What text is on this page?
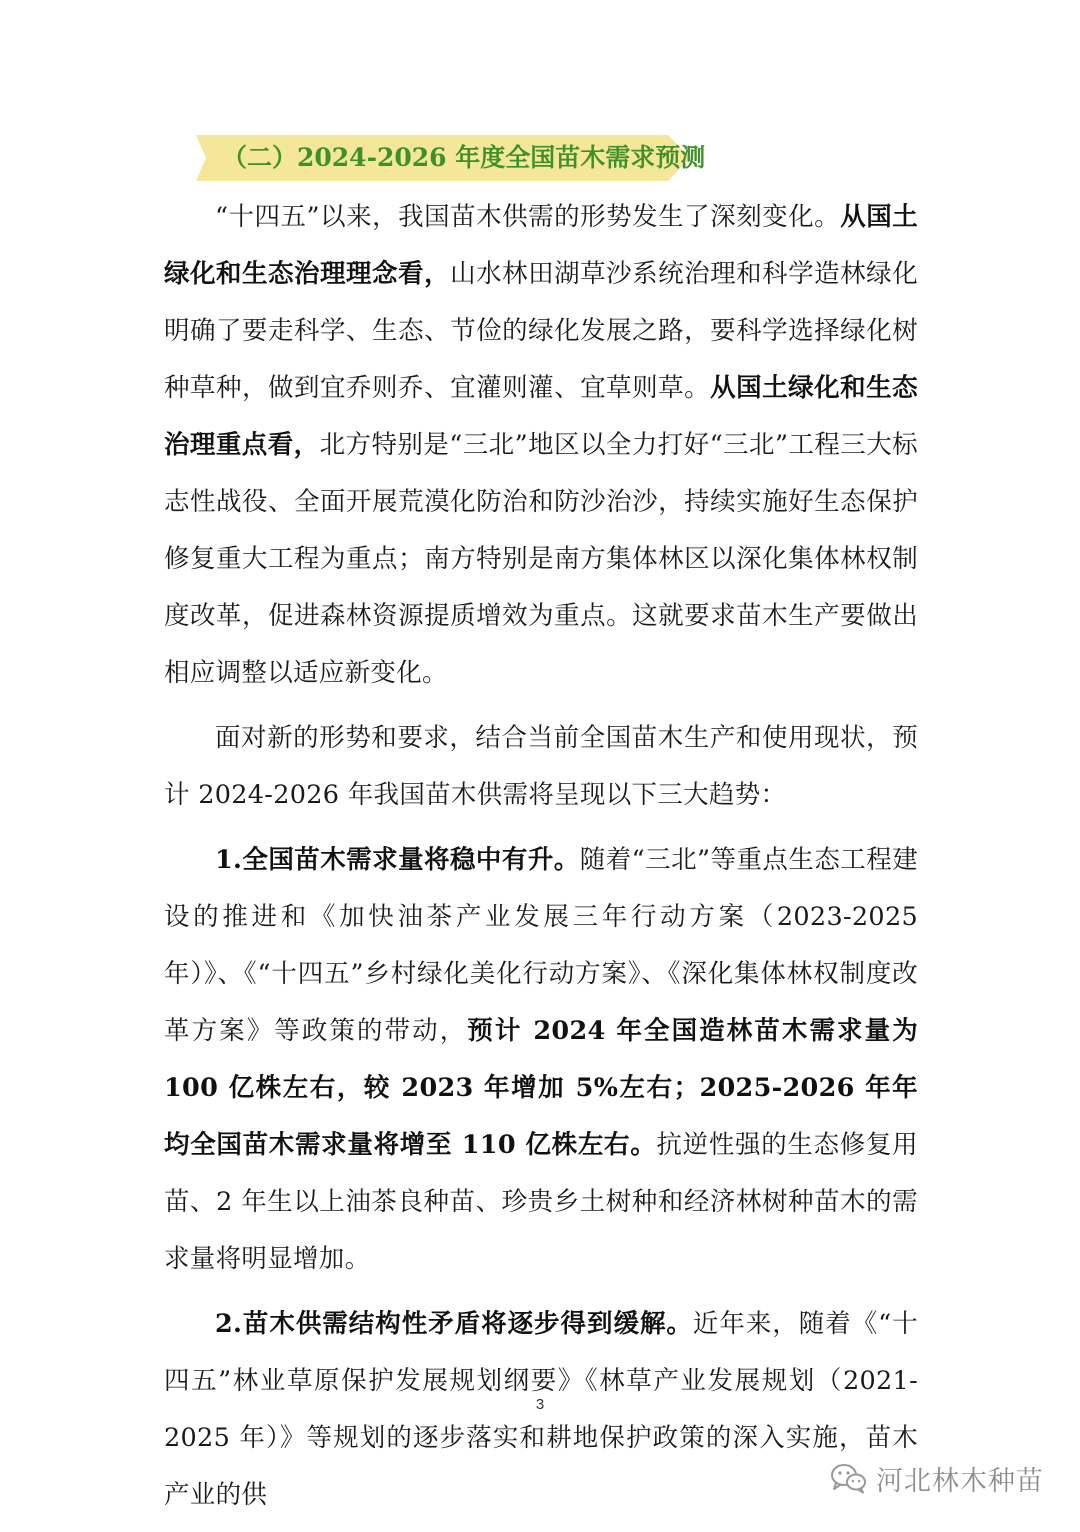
（二）2024-2026 年度全国苗木需求预测

“十四五”以来，我国苗木供需的形势发生了深刻变化。从国土绿化和生态治理理念看，山水林田湖草沙系统治理和科学造林绿化明确了要走科学、生态、节俭的绿化发展之路，要科学选择绿化树种草种，做到宜乔则乔、宜灌则灌、宜草则草。从国土绿化和生态治理重点看，北方特别是“三北”地区以全力打好“三北”工程三大标志性战役、全面开展荒漠化防治和防沙治沙，持续实施好生态保护修复重大工程为重点；南方特别是南方集体林区以深化集体林权制度改革，促进森林资源提质增效为重点。这就要求苗木生产要做出相应调整以适应新变化。

面对新的形势和要求，结合当前全国苗木生产和使用现状，预计 2024-2026 年我国苗木供需将呈现以下三大趋势：

1.全国苗木需求量将稳中有升。随着“三北”等重点生态工程建设的推进和《加快油茶产业发展三年行动方案（2023-2025 年）》、《“十四五”乡村绿化美化行动方案》、《深化集体林权制度改革方案》等政策的带动，预计 2024 年全国造林苗木需求量为 100 亿株左右，较 2023 年增加 5%左右；2025-2026 年年均全国苗木需求量将增至 110 亿株左右。抗逆性强的生态修复用苗、2 年生以上油茶良种苗、珍贵乡土树种和经济林树种苗木的需求量将明显增加。

2.苗木供需结构性矛盾将逐步得到缓解。近年来，随着《“十四五”林业草原保护发展规划纲要》《林草产业发展规划（2021-2025 年）》等规划的逐步落实和耕地保护政策的深入实施，苗木产业的供

3
河北林木种苗
